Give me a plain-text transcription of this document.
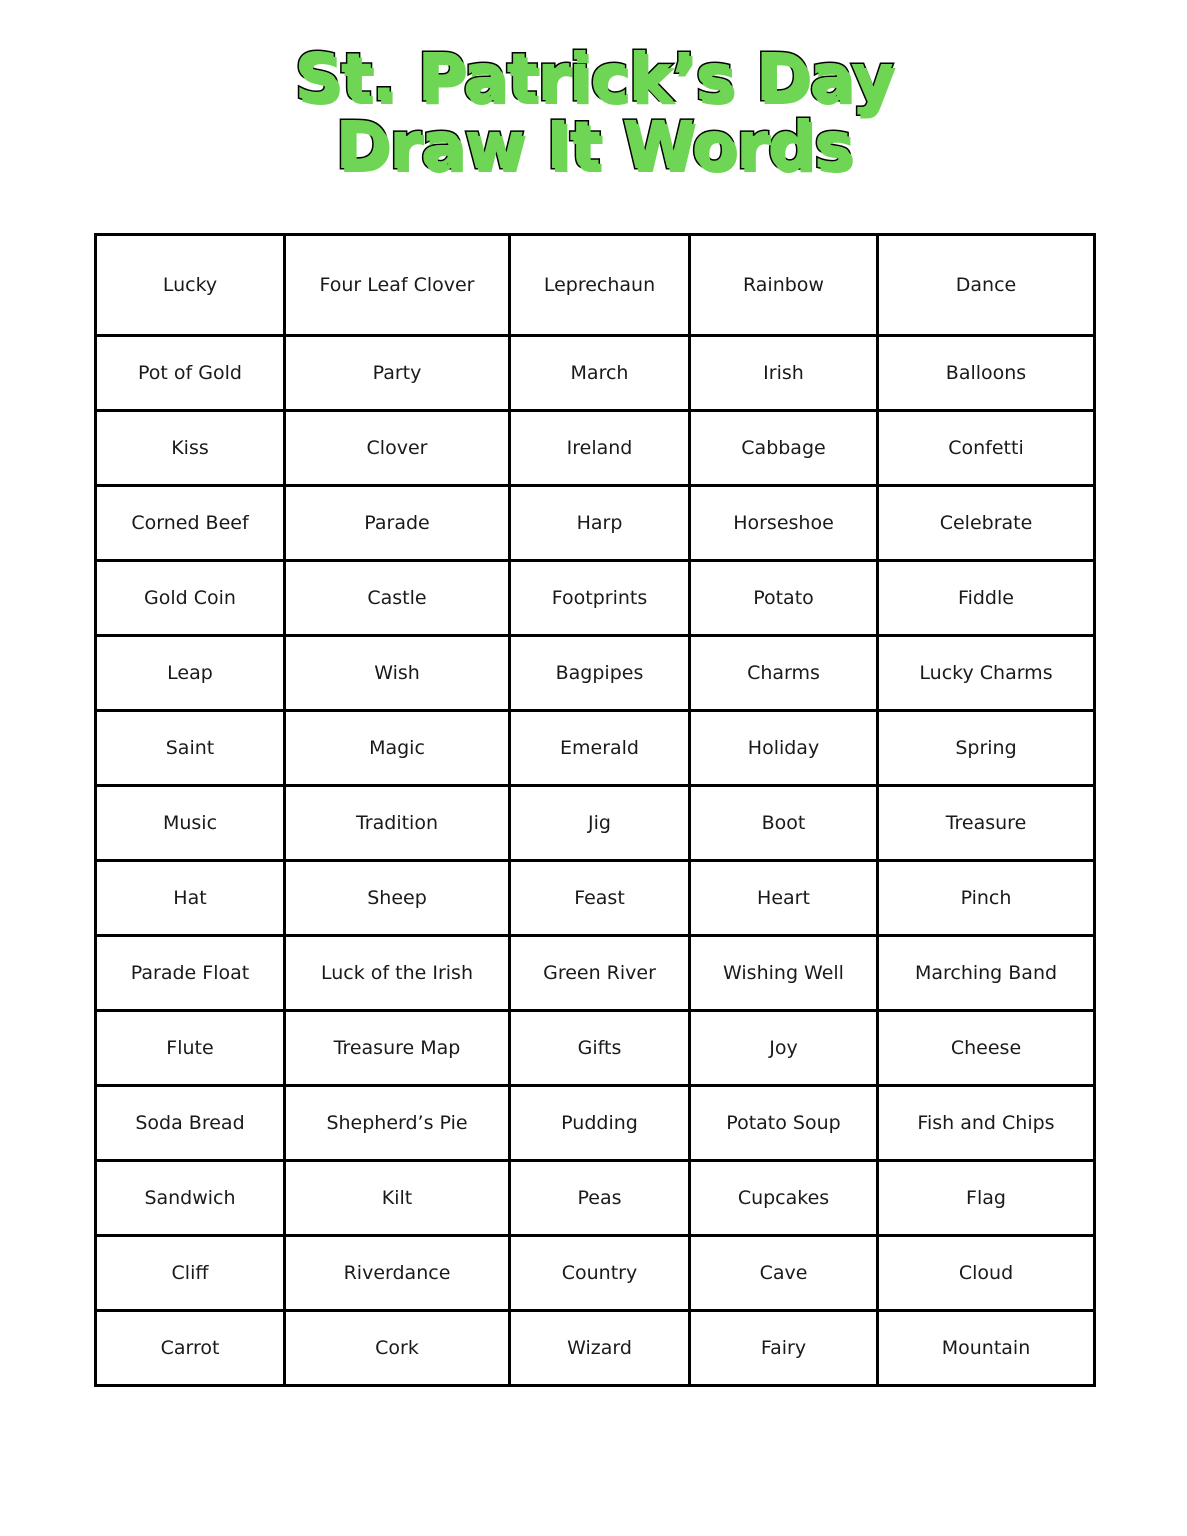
St. Patrick’s Day
Draw It Words
Lucky	Four Leaf Clover	Leprechaun	Rainbow	Dance
Pot of Gold	Party	March	Irish	Balloons
Kiss	Clover	Ireland	Cabbage	Confetti
Corned Beef	Parade	Harp	Horseshoe	Celebrate
Gold Coin	Castle	Footprints	Potato	Fiddle
Leap	Wish	Bagpipes	Charms	Lucky Charms
Saint	Magic	Emerald	Holiday	Spring
Music	Tradition	Jig	Boot	Treasure
Hat	Sheep	Feast	Heart	Pinch
Parade Float	Luck of the Irish	Green River	Wishing Well	Marching Band
Flute	Treasure Map	Gifts	Joy	Cheese
Soda Bread	Shepherd’s Pie	Pudding	Potato Soup	Fish and Chips
Sandwich	Kilt	Peas	Cupcakes	Flag
Cliff	Riverdance	Country	Cave	Cloud
Carrot	Cork	Wizard	Fairy	Mountain
